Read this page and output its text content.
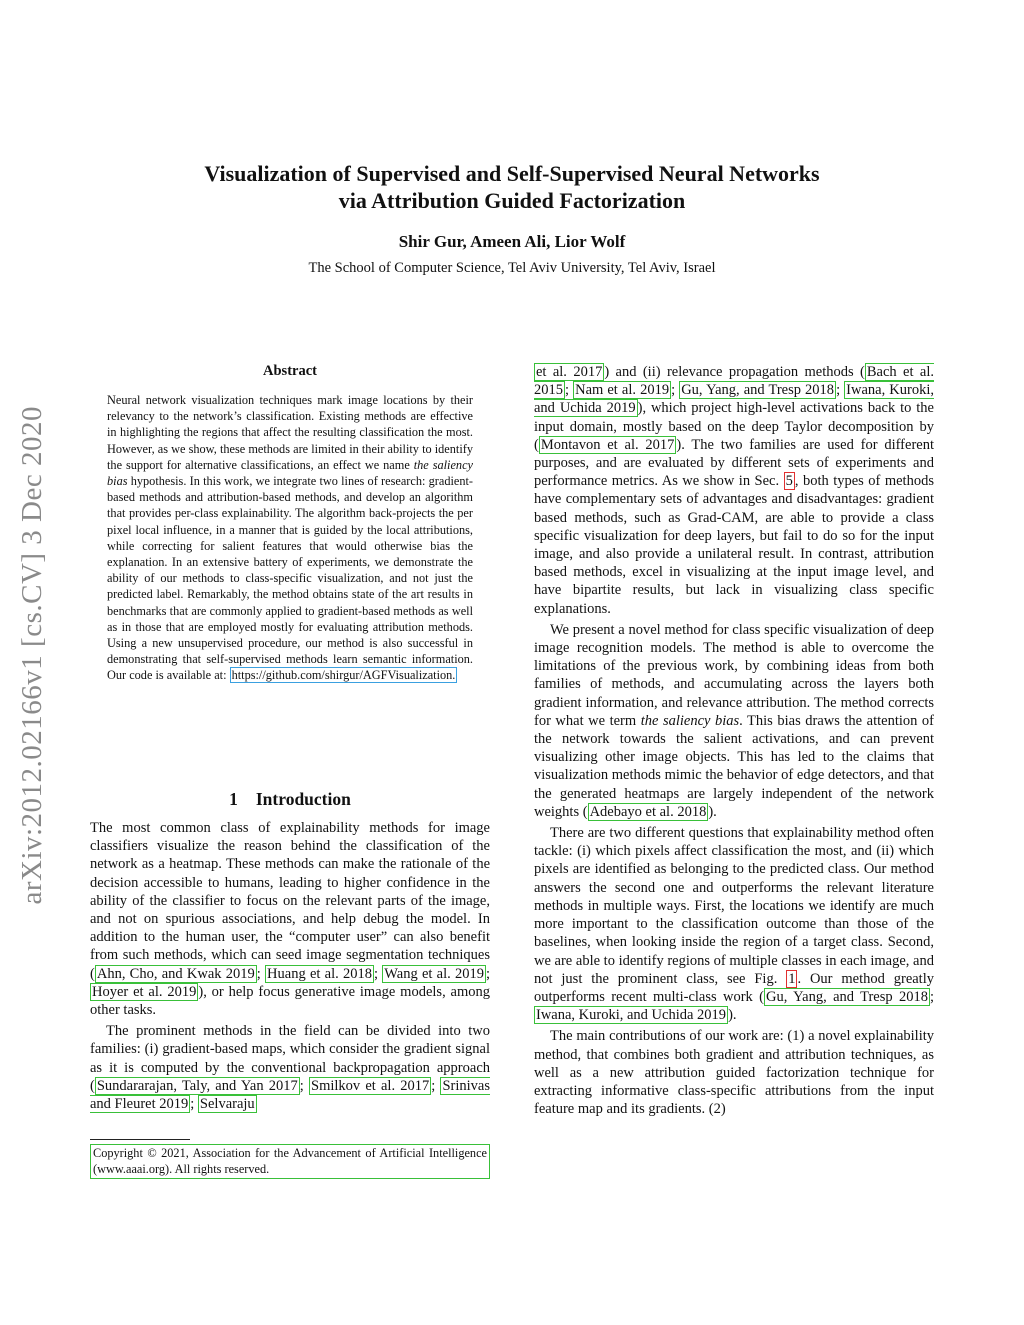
arXiv:2012.02166v1 [cs.CV] 3 Dec 2020
Visualization of Supervised and Self-Supervised Neural Networks
via Attribution Guided Factorization
Shir Gur, Ameen Ali, Lior Wolf
The School of Computer Science, Tel Aviv University, Tel Aviv, Israel
Abstract
Neural network visualization techniques mark image locations by their relevancy to the network’s classification. Existing methods are effective in highlighting the regions that affect the resulting classification the most. However, as we show, these methods are limited in their ability to identify the support for alternative classifications, an effect we name the saliency bias hypothesis. In this work, we integrate two lines of research: gradient-based methods and attribution-based methods, and develop an algorithm that provides per-class explainability. The algorithm back-projects the per pixel local influence, in a manner that is guided by the local attributions, while correcting for salient features that would otherwise bias the explanation. In an extensive battery of experiments, we demonstrate the ability of our methods to class-specific visualization, and not just the predicted label. Remarkably, the method obtains state of the art results in benchmarks that are commonly applied to gradient-based methods as well as in those that are employed mostly for evaluating attribution methods. Using a new unsupervised procedure, our method is also successful in demonstrating that self-supervised methods learn semantic information. Our code is available at: https://github.com/shirgur/AGFVisualization.
1 Introduction

The most common class of explainability methods for image classifiers visualize the reason behind the classification of the network as a heatmap. These methods can make the rationale of the decision accessible to humans, leading to higher confidence in the ability of the classifier to focus on the relevant parts of the image, and not on spurious associations, and help debug the model. In addition to the human user, the “computer user” can also benefit from such methods, which can seed image segmentation techniques ( Ahn, Cho, and Kwak 2019 ; Huang et al. 2018 ; Wang et al. 2019 ; Hoyer et al. 2019 ), or help focus generative image models, among other tasks.

The prominent methods in the field can be divided into two families: (i) gradient-based maps, which consider the gradient signal as it is computed by the conventional backpropagation approach ( Sundararajan, Taly, and Yan 2017 ; Smilkov et al. 2017 ; Srinivas and Fleuret 2019 ; Selvaraju

Copyright © 2021, Association for the Advancement of Artificial Intelligence (www.aaai.org). All rights reserved.

et al. 2017 ) and (ii) relevance propagation methods ( Bach et al. 2015 ; Nam et al. 2019 ; Gu, Yang, and Tresp 2018 ; Iwana, Kuroki, and Uchida 2019 ), which project high-level activations back to the input domain, mostly based on the deep Taylor decomposition by ( Montavon et al. 2017 ). The two families are used for different purposes, and are evaluated by different sets of experiments and performance metrics. As we show in Sec. 5 , both types of methods have complementary sets of advantages and disadvantages: gradient based methods, such as Grad-CAM, are able to provide a class specific visualization for deep layers, but fail to do so for the input image, and also provide a unilateral result. In contrast, attribution based methods, excel in visualizing at the input image level, and have bipartite results, but lack in visualizing class specific explanations.

We present a novel method for class specific visualization of deep image recognition models. The method is able to overcome the limitations of the previous work, by combining ideas from both families of methods, and accumulating across the layers both gradient information, and relevance attribution. The method corrects for what we term the saliency bias. This bias draws the attention of the network towards the salient activations, and can prevent visualizing other image objects. This has led to the claims that visualization methods mimic the behavior of edge detectors, and that the generated heatmaps are largely independent of the network weights ( Adebayo et al. 2018 ).

There are two different questions that explainability method often tackle: (i) which pixels affect classification the most, and (ii) which pixels are identified as belonging to the predicted class. Our method answers the second one and outperforms the relevant literature methods in multiple ways. First, the locations we identify are much more important to the classification outcome than those of the baselines, when looking inside the region of a target class. Second, we are able to identify regions of multiple classes in each image, and not just the prominent class, see Fig. 1 . Our method greatly outperforms recent multi-class work ( Gu, Yang, and Tresp 2018 ; Iwana, Kuroki, and Uchida 2019 ).

The main contributions of our work are: (1) a novel explainability method, that combines both gradient and attribution techniques, as well as a new attribution guided factorization technique for extracting informative class-specific attributions from the input feature map and its gradients. (2)
